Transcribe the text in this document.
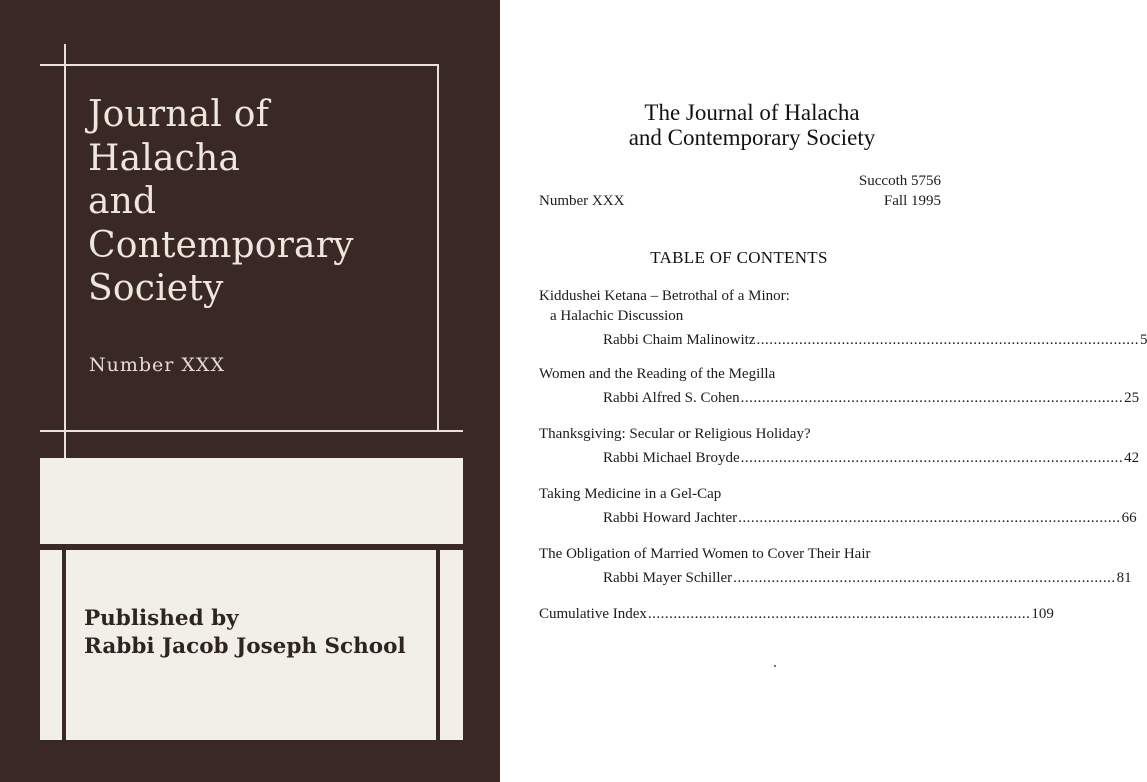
Journal of
Halacha
and
Contemporary
Society
Number XXX
Published by
Rabbi Jacob Joseph School
The Journal of Halacha
and Contemporary Society
Succoth 5756
Fall 1995
Number XXX
TABLE OF CONTENTS
Kiddushei Ketana – Betrothal of a Minor:
a Halachic Discussion
Rabbi Chaim Malinowitz .......................................................................................... 5
Women and the Reading of the Megilla
Rabbi Alfred S. Cohen .......................................................................................... 25
Thanksgiving: Secular or Religious Holiday?
Rabbi Michael Broyde .......................................................................................... 42
Taking Medicine in a Gel-Cap
Rabbi Howard Jachter .......................................................................................... 66
The Obligation of Married Women to Cover Their Hair
Rabbi Mayer Schiller .......................................................................................... 81
Cumulative Index .......................................................................................... 109
